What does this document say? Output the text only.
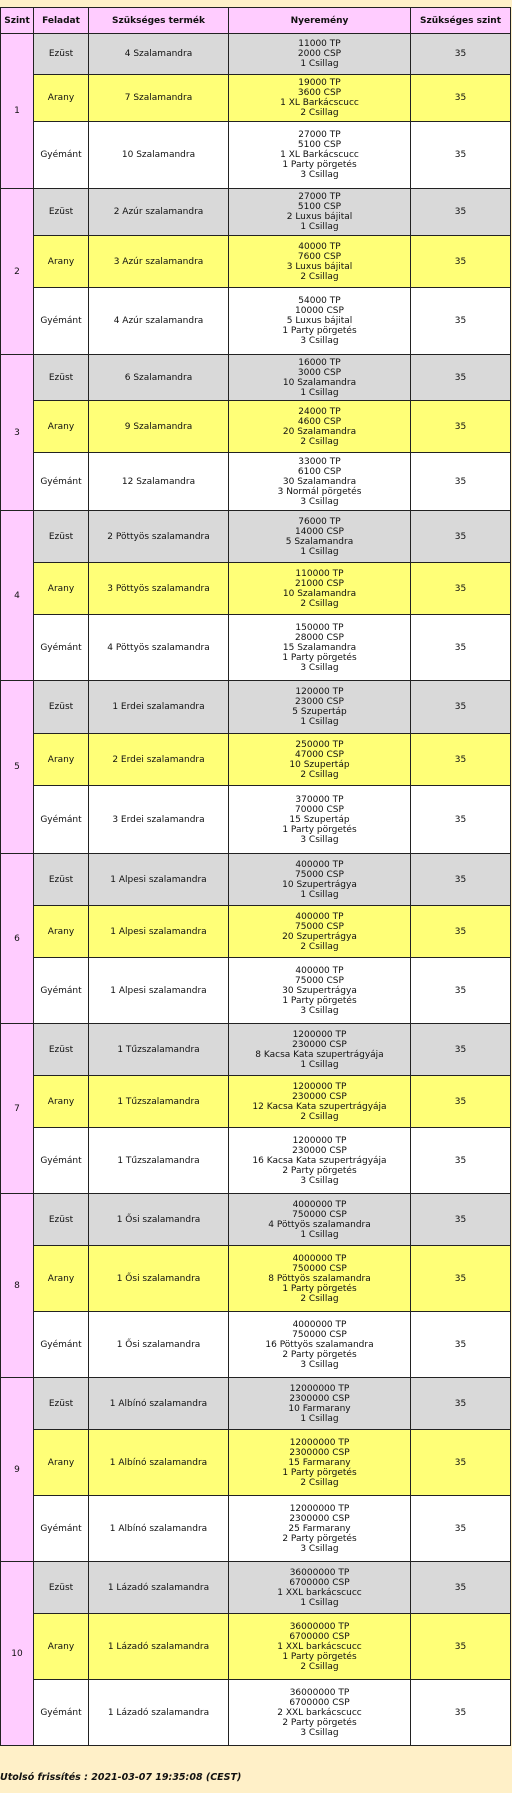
Szint	Feladat	Szükséges termék	Nyeremény	Szükséges szint
1	Ezüst	4 Szalamandra	11000 TP
2000 CSP
1 Csillag	35
	Arany	7 Szalamandra	19000 TP
3600 CSP
1 XL Barkácscucc
2 Csillag	35
	Gyémánt	10 Szalamandra	27000 TP
5100 CSP
1 XL Barkácscucc
1 Party pörgetés
3 Csillag	35
2	Ezüst	2 Azúr szalamandra	27000 TP
5100 CSP
2 Luxus bájital
1 Csillag	35
	Arany	3 Azúr szalamandra	40000 TP
7600 CSP
3 Luxus bájital
2 Csillag	35
	Gyémánt	4 Azúr szalamandra	54000 TP
10000 CSP
5 Luxus bájital
1 Party pörgetés
3 Csillag	35
3	Ezüst	6 Szalamandra	16000 TP
3000 CSP
10 Szalamandra
1 Csillag	35
	Arany	9 Szalamandra	24000 TP
4600 CSP
20 Szalamandra
2 Csillag	35
	Gyémánt	12 Szalamandra	33000 TP
6100 CSP
30 Szalamandra
3 Normál pörgetés
3 Csillag	35
4	Ezüst	2 Pöttyös szalamandra	76000 TP
14000 CSP
5 Szalamandra
1 Csillag	35
	Arany	3 Pöttyös szalamandra	110000 TP
21000 CSP
10 Szalamandra
2 Csillag	35
	Gyémánt	4 Pöttyös szalamandra	150000 TP
28000 CSP
15 Szalamandra
1 Party pörgetés
3 Csillag	35
5	Ezüst	1 Erdei szalamandra	120000 TP
23000 CSP
5 Szupertáp
1 Csillag	35
	Arany	2 Erdei szalamandra	250000 TP
47000 CSP
10 Szupertáp
2 Csillag	35
	Gyémánt	3 Erdei szalamandra	370000 TP
70000 CSP
15 Szupertáp
1 Party pörgetés
3 Csillag	35
6	Ezüst	1 Alpesi szalamandra	400000 TP
75000 CSP
10 Szupertrágya
1 Csillag	35
	Arany	1 Alpesi szalamandra	400000 TP
75000 CSP
20 Szupertrágya
2 Csillag	35
	Gyémánt	1 Alpesi szalamandra	400000 TP
75000 CSP
30 Szupertrágya
1 Party pörgetés
3 Csillag	35
7	Ezüst	1 Tűzszalamandra	1200000 TP
230000 CSP
8 Kacsa Kata szupertrágyája
1 Csillag	35
	Arany	1 Tűzszalamandra	1200000 TP
230000 CSP
12 Kacsa Kata szupertrágyája
2 Csillag	35
	Gyémánt	1 Tűzszalamandra	1200000 TP
230000 CSP
16 Kacsa Kata szupertrágyája
2 Party pörgetés
3 Csillag	35
8	Ezüst	1 Ősi szalamandra	4000000 TP
750000 CSP
4 Pöttyös szalamandra
1 Csillag	35
	Arany	1 Ősi szalamandra	4000000 TP
750000 CSP
8 Pöttyös szalamandra
1 Party pörgetés
2 Csillag	35
	Gyémánt	1 Ősi szalamandra	4000000 TP
750000 CSP
16 Pöttyös szalamandra
2 Party pörgetés
3 Csillag	35
9	Ezüst	1 Albínó szalamandra	12000000 TP
2300000 CSP
10 Farmarany
1 Csillag	35
	Arany	1 Albínó szalamandra	12000000 TP
2300000 CSP
15 Farmarany
1 Party pörgetés
2 Csillag	35
	Gyémánt	1 Albínó szalamandra	12000000 TP
2300000 CSP
25 Farmarany
2 Party pörgetés
3 Csillag	35
10	Ezüst	1 Lázadó szalamandra	36000000 TP
6700000 CSP
1 XXL barkácscucc
1 Csillag	35
	Arany	1 Lázadó szalamandra	36000000 TP
6700000 CSP
1 XXL barkácscucc
1 Party pörgetés
2 Csillag	35
	Gyémánt	1 Lázadó szalamandra	36000000 TP
6700000 CSP
2 XXL barkácscucc
2 Party pörgetés
3 Csillag	35
Utolsó frissítés : 2021-03-07 19:35:08 (CEST)
